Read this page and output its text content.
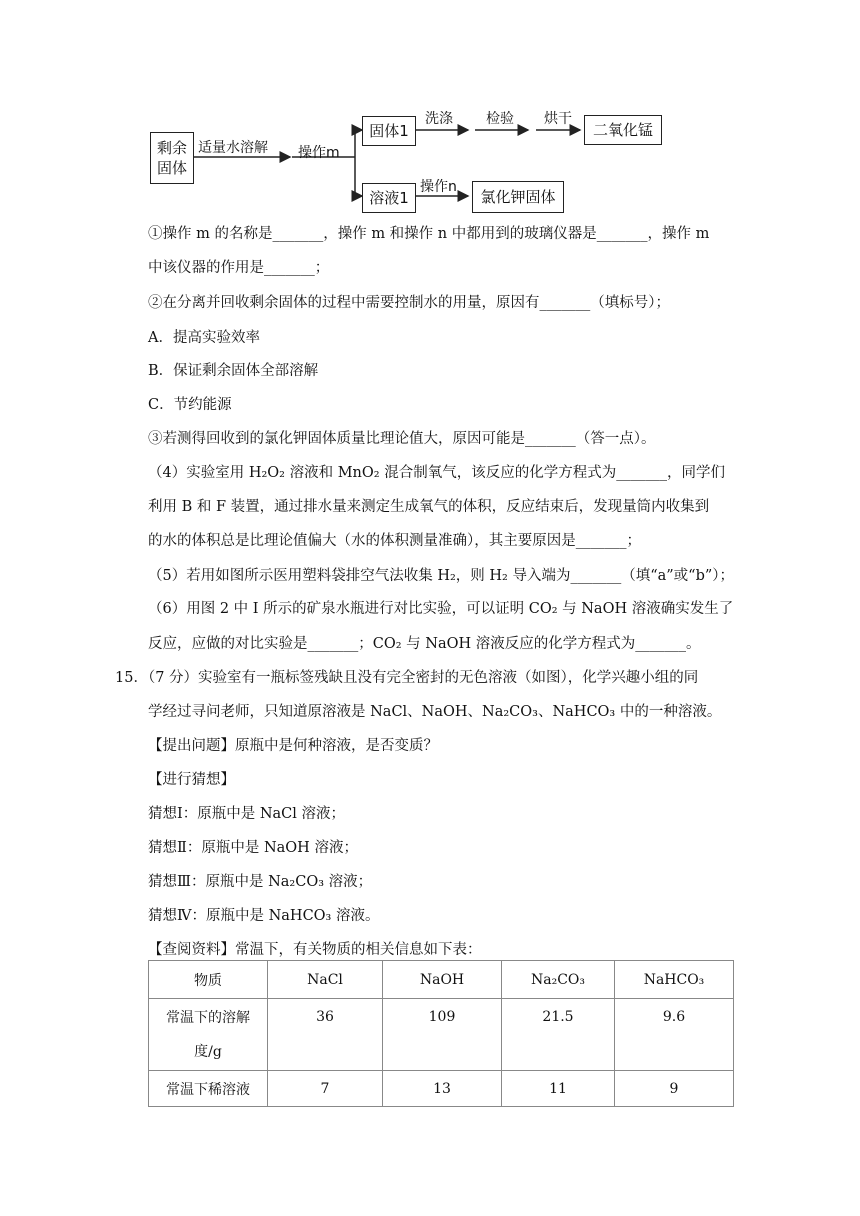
剩余
固体
适量水溶解 操作m
固体1
洗涤 检验 烘干
二氧化锰
溶液1
操作n
氯化钾固体
①操作 m 的名称是_______，操作 m 和操作 n 中都用到的玻璃仪器是_______，操作 m
中该仪器的作用是_______；
②在分离并回收剩余固体的过程中需要控制水的用量，原因有_______（填标号）；
A．提高实验效率
B．保证剩余固体全部溶解
C．节约能源
③若测得回收到的氯化钾固体质量比理论值大，原因可能是_______（答一点）。
（4）实验室用 H₂O₂ 溶液和 MnO₂ 混合制氧气，该反应的化学方程式为_______，同学们
利用 B 和 F 装置，通过排水量来测定生成氧气的体积，反应结束后，发现量筒内收集到
的水的体积总是比理论值偏大（水的体积测量准确），其主要原因是_______；
（5）若用如图所示医用塑料袋排空气法收集 H₂，则 H₂ 导入端为_______（填“a”或“b”）；
（6）用图 2 中 I 所示的矿泉水瓶进行对比实验，可以证明 CO₂ 与 NaOH 溶液确实发生了
反应，应做的对比实验是_______；CO₂ 与 NaOH 溶液反应的化学方程式为_______。
15．（7 分）实验室有一瓶标签残缺且没有完全密封的无色溶液（如图），化学兴趣小组的同
学经过寻问老师，只知道原溶液是 NaCl、NaOH、Na₂CO₃、NaHCO₃ 中的一种溶液。
【提出问题】原瓶中是何种溶液，是否变质？
【进行猜想】
猜想Ⅰ：原瓶中是 NaCl 溶液；
猜想Ⅱ：原瓶中是 NaOH 溶液；
猜想Ⅲ：原瓶中是 Na₂CO₃ 溶液；
猜想Ⅳ：原瓶中是 NaHCO₃ 溶液。
【查阅资料】常温下，有关物质的相关信息如下表：
物质	NaCl	NaOH	Na₂CO₃	NaHCO₃

常温下的溶解
度/g	36	109	21.5	9.6
常温下稀溶液	7	13	11	9
